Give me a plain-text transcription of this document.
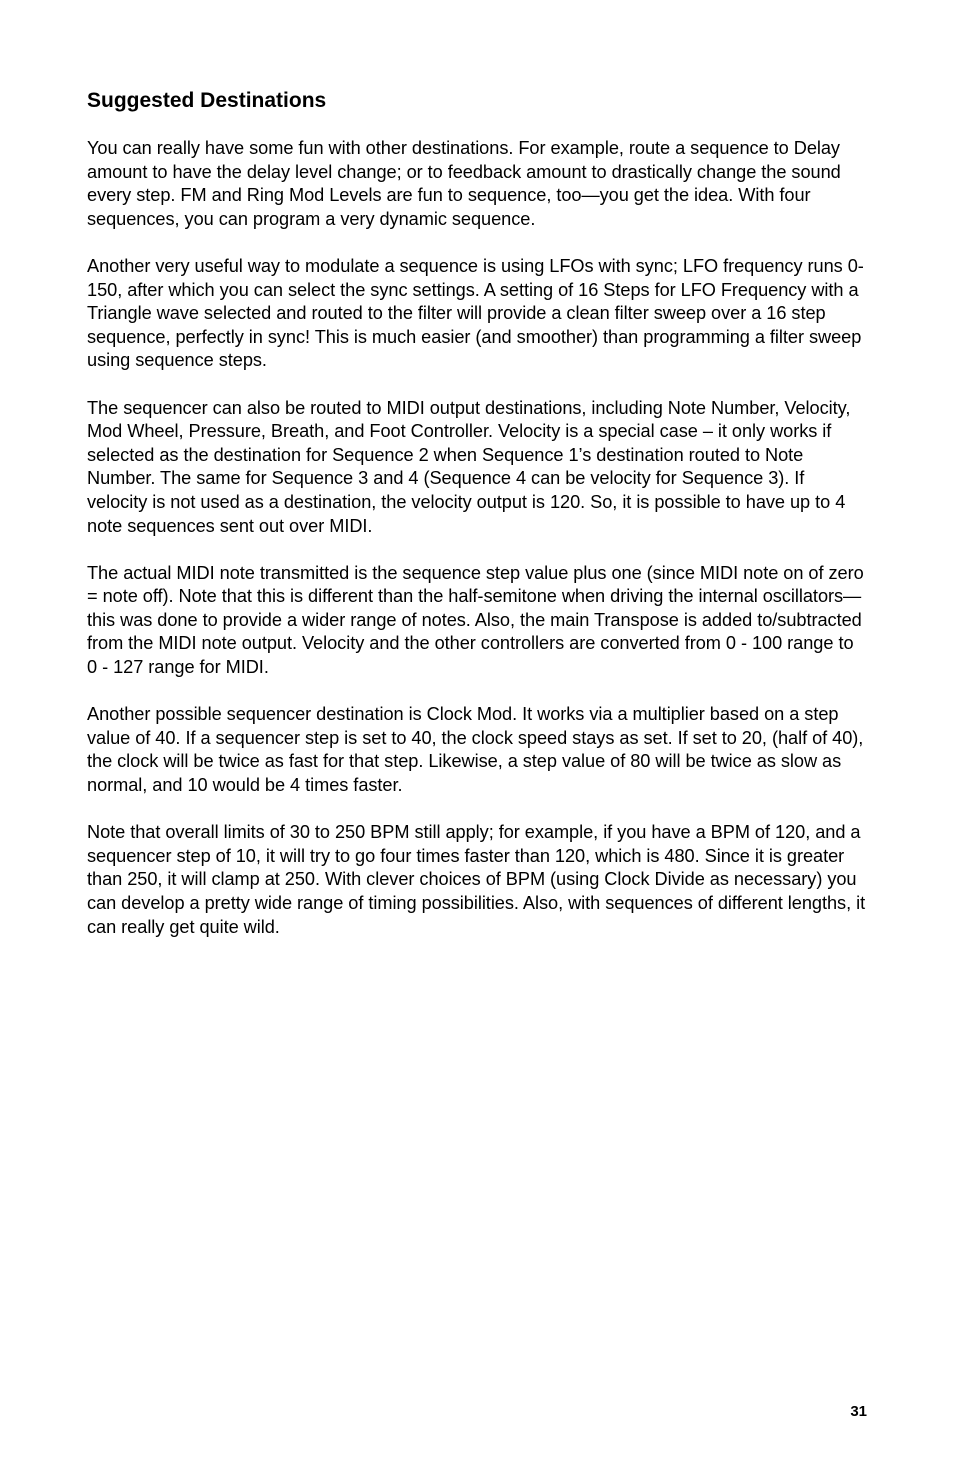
Suggested Destinations

You can really have some fun with other destinations. For example, route a sequence to Delay amount to have the delay level change; or to feedback amount to drastically change the sound every step. FM and Ring Mod Levels are fun to sequence, too—you get the idea. With four sequences, you can program a very dynamic sequence.

Another very useful way to modulate a sequence is using LFOs with sync; LFO frequency runs 0-150, after which you can select the sync settings. A setting of 16 Steps for LFO Frequency with a Triangle wave selected and routed to the filter will provide a clean filter sweep over a 16 step sequence, perfectly in sync! This is much easier (and smoother) than programming a filter sweep using sequence steps.

The sequencer can also be routed to MIDI output destinations, including Note Number, Velocity, Mod Wheel, Pressure, Breath, and Foot Controller. Velocity is a special case – it only works if selected as the destination for Sequence 2 when Sequence 1’s destination routed to Note Number. The same for Sequence 3 and 4 (Sequence 4 can be velocity for Sequence 3). If velocity is not used as a destination, the velocity output is 120. So, it is possible to have up to 4 note sequences sent out over MIDI.

The actual MIDI note transmitted is the sequence step value plus one (since MIDI note on of zero = note off). Note that this is different than the half-semitone when driving the internal oscillators—this was done to provide a wider range of notes. Also, the main Transpose is added to/subtracted from the MIDI note output. Velocity and the other controllers are converted from 0 - 100 range to 0 - 127 range for MIDI.

Another possible sequencer destination is Clock Mod. It works via a multiplier based on a step value of 40. If a sequencer step is set to 40, the clock speed stays as set. If set to 20, (half of 40), the clock will be twice as fast for that step. Likewise, a step value of 80 will be twice as slow as normal, and 10 would be 4 times faster.

Note that overall limits of 30 to 250 BPM still apply; for example, if you have a BPM of 120, and a sequencer step of 10, it will try to go four times faster than 120, which is 480. Since it is greater than 250, it will clamp at 250. With clever choices of BPM (using Clock Divide as necessary) you can develop a pretty wide range of timing possibilities. Also, with sequences of different lengths, it can really get quite wild.

31
